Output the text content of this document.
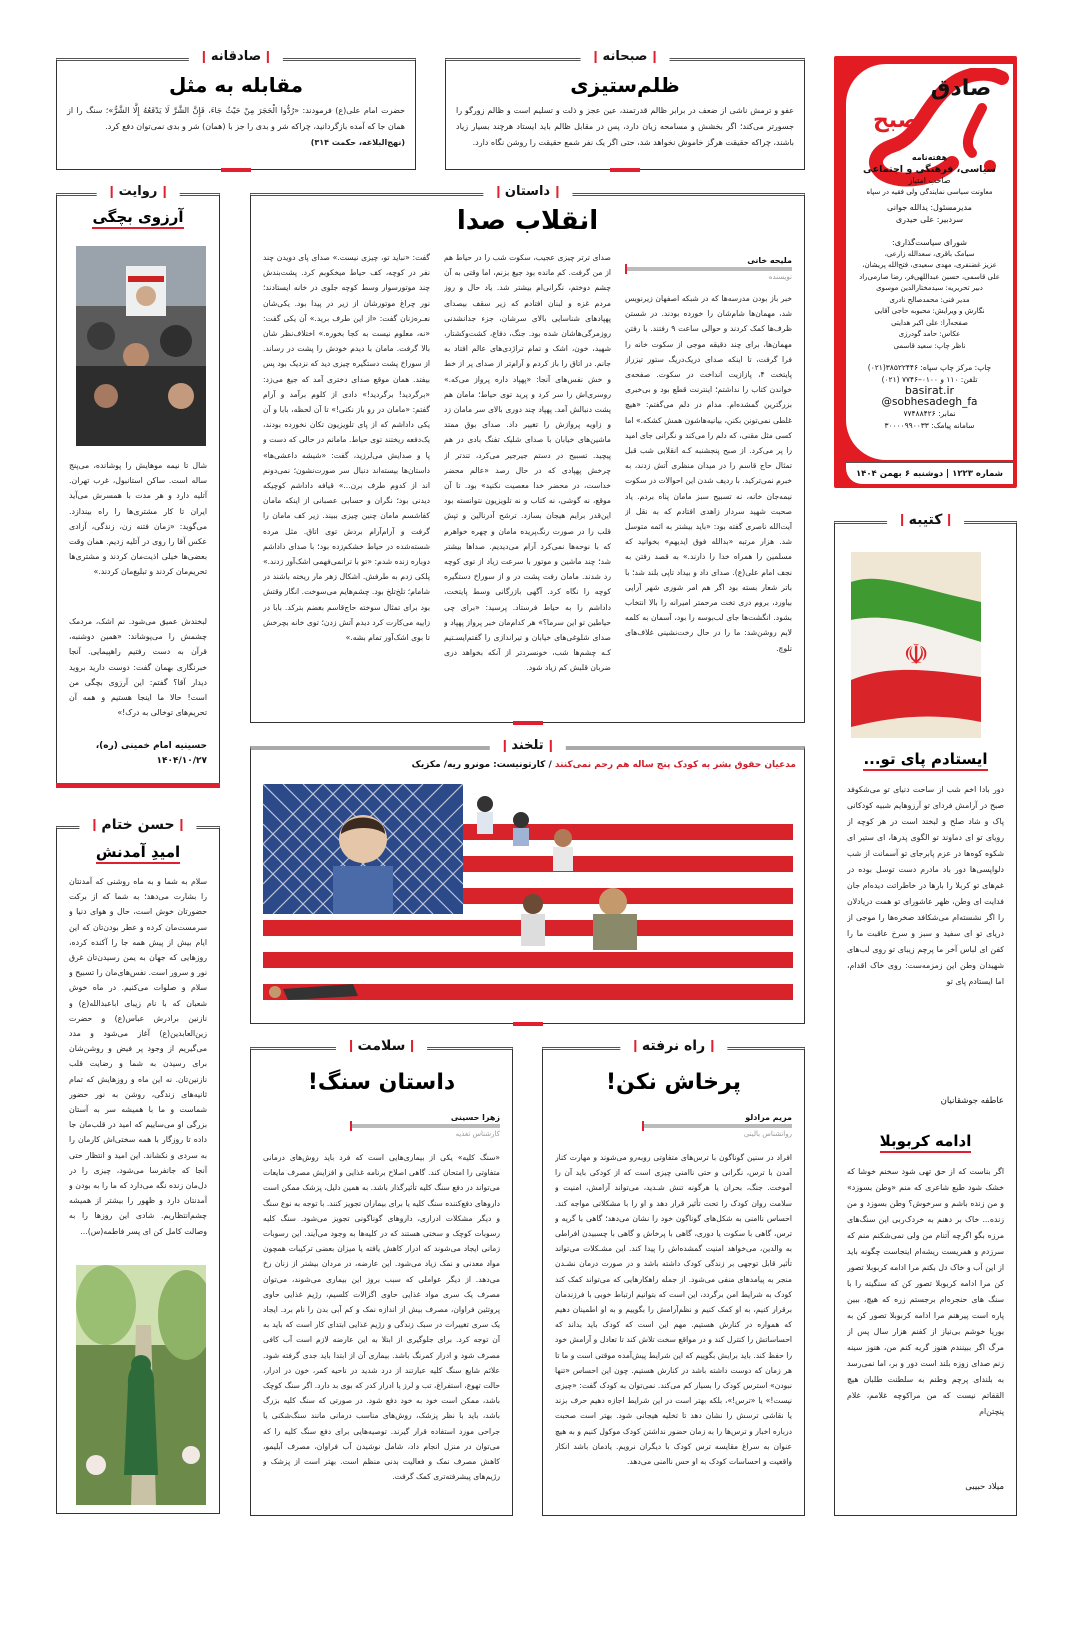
صادق
صبح
هفته‌نامه
سیاسی، فرهنگی و اجتماعی
صاحب امتیاز
معاونت سیاسی نمایندگی ولی فقیه در سپاه
مدیرمسئول: یدالله جوانی
سردبیر: علی حیدری
شورای سیاست‌گذاری:
سیامک باقری، سعدالله زارعی،
عزیز غضنفری، مهدی سعیدی، فتح‌الله پریشان،
علی قاسمی، حسین عبداللهی‌فر، رضا صارمی‌راد
دبیر تحریریه: سیدمختارالدین موسوی
مدیر فنی: محمدصالح نادری
نگارش و ویرایش: محبوبه حاجی آقایی
صفحه‌آرا: علی اکبر هدایتی
عکاس: حامد گودرزی
ناظر چاپ: سعید قاسمی
چاپ: مرکز چاپ سپاه: ۳۸۵۲۲۴۴۶(۰۲۱)
تلفن: ۱۱۰ و ۰۱۰۰–۷۷۴۶ (۰۲۱)
basirat.ir
@sobhesadegh_fa
نمابر: ۷۷۴۸۸۴۲۶
سامانه پیامک: ۳۰۰۰۰۹۹۰۰۳۳
شماره ۱۲۲۳ | دوشنبه ۶ بهمن ۱۴۰۴
صبحانه
ظلم‌ستیزی
عفو و ترمش ناشی از ضعف در برابر ظالم قدرتمند، عین عجز و ذلت و تسلیم است و ظالم زورگو را جسورتر می‌کند؛ اگر بخشش و مسامحه زیان دارد، پس در مقابل ظالم باید ایستاد هرچند بسیار زیاد باشند، چراکه حقیقت هرگز خاموش نخواهد شد، حتی اگر یک نفر شمع حقیقت را روشن نگاه دارد.
صادقانه
مقابله به مثل
حضرت امام علی(ع) فرمودند: «رُدُّوا الْحَجَرَ مِنْ حَيْثُ جَاءَ، فَإِنَّ الشَّرَّ لَا يَدْفَعُهُ إِلَّا الشَّرُّ»؛ سنگ را از همان جا که آمده بازگردانید، چراکه شر و بدی را جز با (همان) شر و بدی نمی‌توان دفع کرد.
(نهج‌البلاغه، حکمت ۳۱۴)
داستان
انقلاب صدا
ملیحه خانی
نویسنده
خبر باز بودن مدرسه‌ها که در شبکه اصفهان زیرنویس شد، مهمان‌ها شام‌شان را خورده بودند. در شستن ظرف‌ها کمک کردند و حوالی ساعت ۹ رفتند. با رفتن مهمان‌ها، برای چند دقیقه موجی از سکوت خانه را فرا گرفت، تا اینکه صدای دریک‌دریگ ستور تیزراز پایتخت ۴، پازازیت انداخت در سکوت. صفحه‌ی خواندن کتاب را نداشتم؛ اینترنت قطع بود و بی‌خبری بزرگترین گمشده‌ام. مدام در دلم می‌گفتم: «هیچ غلطی نمی‌تونن بکنن، بیانیه‌هاشون همش کشکه.» اما کسی مثل مقنی، که دلم را می‌کند و نگرانی جای امید را پر می‌کرد. از صبح پنجشنبه کـه انقلابی شب قبل تمثال حاج قاسم را در میدان منظری آتش زدند، به خبرم نمی‌ترکید. با ردیف شدن این احوالات در سکوت نیمه‌جان خانه، نه تسبیح سبز مامان پناه بردم. یاد صحبت شهید سردار زاهدی افتادم که به نقل از آیت‌الله ناصری گفته بود: «باید بیشتر به ائمه متوسل شد. هزار مرتبه «بدالله فوق ایدیهم» بخوانید که مسلمین را همراه خدا را دارند.» به قصد رفتن به نجف امام علی(ع). صدای داد و بیداد تاپی بلند شد؛ با باتر شعار بسته بود اگر هم امر شوری شهر آرایی بیاورد، بروم دری تخت مرحمتر امیرانه را بالا انتخاب بشود. انگشت‌ها جای لب‌بوسه را بود، آسمان به کلمه لایم روشن‌شد: ما را در حال رخت‌نشینی غلاف‌های تلوچ.
صدای ترتر چیزی عجیب، سکوت شب را در حیاط هم از من گرفت. کم مانده بود جیغ بزنم، اما وقتی به آن چشم دوختم، نگرانی‌ام بیشتر شد. یاد حال و روز مردم غزه و لبنان افتادم که زیر سقف بیصدای پهپادهای شناسایی بالای سرشان، جزء جدانشدنی روزمرگی‌هاشان شده بود. جنگ، دفاع، کشت‌وکشتار، شهید، خون، اشک و تمام تراژدی‌های عالم افتاد به جانم. در اتاق را باز کردم و آرام‌تر از صدای پر از خط و خش نفس‌های آنجا: «پهپاد داره پرواز می‌که.» روسری‌اش را سر کرد و پرید توی حیاط؛ مامان هم پشت دنبالش آمد. پهپاد چند دوری بالای سر مامان زد و زاویه پروازش را تغییر داد. صدای بوق ممتد ماشین‌های خیابان با صدای شلیک تفنگ بادی در هم پیچید. تسبیح در دستم جیرجیر می‌کرد، تندتر از چرخش پهپادی که در حال رصد «عالم محضر خداست، در محضر خدا معصیت نکنید» بود. تا آن موقع، نه گوشی، نه کتاب و نه تلویزیون نتوانسته بود این‌قدر برایم هیجان بسازد. ترشح آدرنالین و تپش قلب را در صورت رنگ‌پریده مامان و چهره خواهرم که با نوحه‌ها نمی‌کرد آرام می‌دیدیم. صداها بیشتر شد؛ چند ماشین و موتور با سرعت زیاد از توی کوچه رد شدند. مامان رفت پشت در و از سوراخ دستگیره کوچه را نگاه کرد. آگهی بازرگانی وسط پایتخت، داداشم را به حیاط فرستاد. پرسید: «برای چی حیاطین‌ تو این سرما؟» هر کدام‌مان خبر پرواز پهپاد و صدای شلوغی‌های خیابان و تیراندازی را گفتم‌ایسـتیم کـه چشم‌ها شب، خونسردتر از آنکه بخواهد دری ضربان قلبش کم زیاد شود.
گفت: «نباید تو، چیزی نیست.» صدای پای دویدن چند نفر در کوچه، کف حیاط میخکوبم کرد. پشت‌بندش چند موتورسوار وسط کوچه جلوی در خانه ایستادند؛ نور چراغ موتورشان از زیر در پیدا بود. یکی‌شان نعـره‌زنان گفت: «از این طرف برید.» آن یکی گفت: «نه، معلوم نیست به کجا بخوره.» اختلاف‌نظر شان بالا گرفت. مامان با دیدم خودش را پشت در رساند. از سوراخ پشت دستگیره چیزی دید که نزدیک بود پس بیفتد. همان موقع صدای دختری آمد که جیغ می‌زد: «برگردید! برگردید!» دادی از کلوم برآمد و آرام گفتم: «مامان در رو باز نکنی!» تا آن لحظه، بابا و آن یکی داداشم که از پای تلویزیون تکان نخورده بودند، یک‌دفعه ریختند توی حیاط. مامانم در حالی که دست و پا و صدایش می‌لرزید، گفت: «شیشه داعشی‌ها» داستان‌ها بیسته‌اند دنبال سر صورت‌نشون؛ نمی‌دونم اند از کدوم طرف برن...» قیافه داداشم کوچیکه دیدنی بود؛ نگران و حسابی عصبانی از اینکه مامان کفاشسم مامان چنین چیزی ببیند. زیر کف مامان را گرفت و آرام‌آرام بردش توی اتاق. مثل مرده شسته‌شده در حیاط خشکم‌زده بود؛ با صدای داداشم دوباره زنده شدم: «تو با ترانمی‌فهمی اشک‌آور زدند.» پلکی زدم به طرفش. اشکال زهر مار ریخته باشند در شامام؛ تلخ‌تلخ بود. چشم‌هایم می‌سوخت. انگار وقتش بود برای تمثال سوخته حاج‌قاسم بغضم بترکد. بابا در زاییه می‌کارت کرد دیدم آتش زدن؛ توی خانه بچرخش تا بوی اشک‌آور تمام بشه.»
روایت
آرزوی بچگی
شال تا نیمه موهایش را پوشانده، می‌پنج ساله است. ساکن استانبول، غرب تهران. آتلیه دارد و هر مدت با همسرش می‌آید ایران تا کار مشتری‌ها را راه بیندازد. می‌گوید: «زمان فتنه زن، زندگی، آزادی عکس آقا را روی در آتلیه زدیم. همان وقت بعضی‌ها خیلی اذیت‌مان کردند و مشتری‌ها تحریم‌مان کردند و تبلیغ‌مان کردند.»
لبخندش عمیق می‌شود. نم اشک، مردمک چشمش را می‌پوشاند: «همین دوشنبه، قرآن به دست رفتیم راهپیمایی. آنجا خبرنگاری بهمان گفت: دوست دارید بروید دیدار آقا؟ گفتم: این آرزوی بچگی من است! حالا ما اینجا هستیم و همه آن تحریم‌های توخالی به درک!»
حسینیه امام خمینی (ره)،
۱۴۰۴/۱۰/۲۷
حسن ختام
امیدِ آمدنش
سلام به شما و به ماه روشنی که آمدنتان را بشارت می‌دهد؛ به شما که از برکت حضورتان خوش است، حال و هوای دنیا و سرمست‌مان کرده و عطر بودن‌تان که این ایام بیش از پیش همه جا را آکنده کرده، روزهایی که جهان به یمن رسیدن‌تان غرق نور و سرور است. نفس‌های‌مان را تسبیح و سلام و صلوات می‌کنیم. در ماه خوش شعبان که با نام زیبای اباعبدالله(ع) و نازنین برادرش عباس(ع) و حضرت زین‌العابدین(ع) آغاز می‌شود و مدد می‌گیریم از وجود پر فیض و روشن‌شان برای رسیدن به شما و رضایت قلب نازنین‌تان. نه این ماه و روزهایش که تمام ثانیه‌های زندگی، روشن به نور حضور شماست و ما با همیشه سر به آستان بزرگی او می‌ساییم که امید در قلب‌مان جا داده تا روزگار با همه سختی‌اش کارمان را به سردی و نکشاند. این امید و انتظار حتی آنجا که جانفرسا می‌شود، چیزی را در دل‌مان زنده نگه می‌دارد که ما را به بودن و آمدنتان دارد و ظهور را بیشتر از همیشه چشم‌انتظاریم. شادی این روزها را به وصالت کامل کن ای پسر فاطمه(س)...
کتیبه
☫
ایستادم پای تو...
دور بادا اخم شب از ساحت دنیای تو می‌شکوفد صبح در آرامش فردای تو آرزوهایم شبیه کودکانی پاک و شاد صلح و لبخند است در هر کوچه از رویای تو ای دماوند تو الگوی پدرها، ای ستیر ای شکوه کوه‌ها در عزم پابرجای تو آسمانت از شب دلواپسی‌ها دور باد مادرم دست توسل بوده در غم‌های تو کربلا را بارها در خاطراتت دیده‌ام جان فدایت ای وطن، ظهر عاشورای تو همت دریادلان را اگر نشسته‌ام می‌شکافد صخره‌ها را موجی از دریای تو ای سفید و سبز و سرخ عاقبت ما را کفن ای لباس آخر ما پرچم زیبای تو روی لب‌های شهیدان وطن این زمزمه‌ست: روی خاک اقدام، اما ایستادم پای تو
عاطفه جوشقانیان
ادامه کربوبلا
اگر بناست که از حق تهی شود سخنم خوشا که خشک شود طبع شاعری که منم «وطن بسوزد» و من زنده باشم و سرخوش؟ وطن بسوزد و من زنده... خاک بر دهنم به خردک‌ربی این سنگ‌های مرزه بگو اگرچه آتنام من ولی نمی‌شکنم منم که سرزدم و همریست ریشه‌ام اینجاست چگونه باید از این آب و خاک دل بکنم مرا ادامه کربوبلا تصور کن مرا ادامه کربوبلا تصور کن که سنگینه را با سنگ های حنجره‌ام برجستم زره که هیچ، ببین پاره است پیرهنم مرا ادامه کربوبلا تصور کن به بوریا خوشم بی‌نیاز از کفنم هزار سال پس از مرگ اگر ببینندم هنوز گریه کنم من، هنوز سینه زنم صدای زوزه بلند است دور و بر، اما نمی‌رسد به بلندای پرچم وطنم به سلطنت طلبان هیچ القفاتم نیست که من مراکوچه غلامم، غلام پنچتن‌ام
میلاد حبیبی
تلخند
مدعیان حقوق بشر به کودک پنج ساله هم رحم نمی‌کنند / کارتونیست: مونرو ریه/ مکزیک
راه نرفته
پرخاش نکن!
مریم مرادلو
روانشناس بالینی
افراد در سنین گوناگون با ترس‌های متفاوتی روبه‌رو می‌شوند و مهارت کنار آمدن با ترس، نگرانی و حتی ناامنی چیزی است که از کودکی باید آن را آموخت. جنگ، بحران یا هرگونه تنش شـدید، می‌تواند آرامش، امنیت و سلامت روان کودک را تحت تأثیر قرار دهد و او را با مشکلاتی مواجه کند. احساس ناامنی به شکل‌های گوناگون خود را نشان می‌دهد؛ گاهی با گریه و ترس، گاهی با سکوت یا دوری، گاهی با پرخاش و گاهی با چسبیدن افراطی به والدین، می‌خواهد امنیت گمشده‌اش را پیدا کند. این مشـکلات می‌تواند تأثیر قابل توجهی بر زندگی کودک داشته باشد و در صورت درمان نشـدن منجر به پیامدهای منفی می‌شود. از جمله راهکارهایی که می‌تواند کمک کند کودک به شرایط امن برگردد، این است که بتوانیم ارتباط خوبی با فرزندمان برقرار کنیم، به او کمک کنیم و نظم‌آرامش را بگوییم و به او اطمینان دهیم که همواره در کنارش هستیم. مهم این است که کودک باید بداند که احساساتش را کنترل کند و در مواقع سخت تلاش کند تا تعادل و آرامش خود را حفظ کند. باید برایش بگوییم که این شرایط پیش‌آمده موقتی است و ما تا هر زمان که دوست داشته باشد در کنارش هستیم. چون این احساس «تنها نبودن» استرس کودک را بسیار کم می‌کند. نمی‌توان به کودک گفت: «چیزی نیست!» یا «ترس!»، بلکه بهتر است در این شرایط اجازه دهیم حرف بزند یا نقاشی ترسش را نشان دهد تا تخلیه هیجانی شود. بهتر است صحبت درباره اخبار و ترس‌ها را به زمان حضور نداشتن کودک موکول کنیم و به هیچ عنوان به سراغ مقایسه ترس کودک با دیگران نرویم. یادمان باشد انکار واقعیت و احساسات کودک به او حس ناامنی می‌دهد.
سلامت
داستان سنگ!
زهرا حسینی
کارشناس تغذیه
«سنگ کلیه» یکی از بیماری‌هایی است که فرد باید روش‌های درمانی متفاوتی را امتحان کند. گاهی اصلاح برنامه غذایی و افزایش مصرف مایعات می‌تواند در دفع سنگ کلیه تأثیرگذار باشد. به همین دلیل، پزشک ممکن است داروهای دفع‌کننده سنگ کلیه یا برای بیماران تجویز کنند. با توجه به نوع سنگ و دیگر مشکلات ادراری، داروهای گوناگونی تجویز می‌شود. سنگ کلیه رسوبات کوچک و سختی هستند که در کلیه‌ها به وجود می‌آیند. این رسوبات زمانی ایجاد می‌شوند که ادرار کاهش یافته یا میزان بعضی ترکیبات همچون مواد معدنی و نمک زیاد می‌شود. این عارضه، در مردان بیشتر از زنان رخ می‌دهد. از دیگر عواملی که سبب بروز این بیماری می‌شوند، می‌توان مصرف یک سری مواد غذایی حاوی اگزالات کلسیم، رژیم غذایی حاوی پروتئین فراوان، مصرف بیش از اندازه نمک و کم آبی بدن را نام برد. ایجاد یک سری تغییرات در سبک زندگی و رژیم غذایی ابتدای کار است که باید به آن توجه کرد. برای جلوگیری از ابتلا به این عارضه لازم است آب کافی مصرف شود و ادرار کمرنگ باشد. بیماری آن از ابتدا باید جدی گرفته شود. علائم شایع سنگ کلیه عبارتند از درد شدید در ناحیه کمر، خون در ادرار، حالت تهوع، استفراغ، تب و لرز یا ادرار کدر که بوی بد دارد. اگر سنگ کوچک باشد، ممکن است خود به خود دفع شود. در صورتی که سنگ کلیه بزرگ باشد، باید با نظر پزشک، روش‌های مناسب درمانی مانند سنگ‌شکنی یا جراحی مورد استفاده قرار گیرند. توصیه‌هایی برای دفع سنگ کلیه را که می‌توان در منزل انجام داد، شامل نوشیدن آب فراوان، مصرف آبلیمو، کاهش مصرف نمک و فعالیت بدنی منظم است. بهتر است از پزشک و رژیم‌های پیشرفته‌تری کمک گرفت.
